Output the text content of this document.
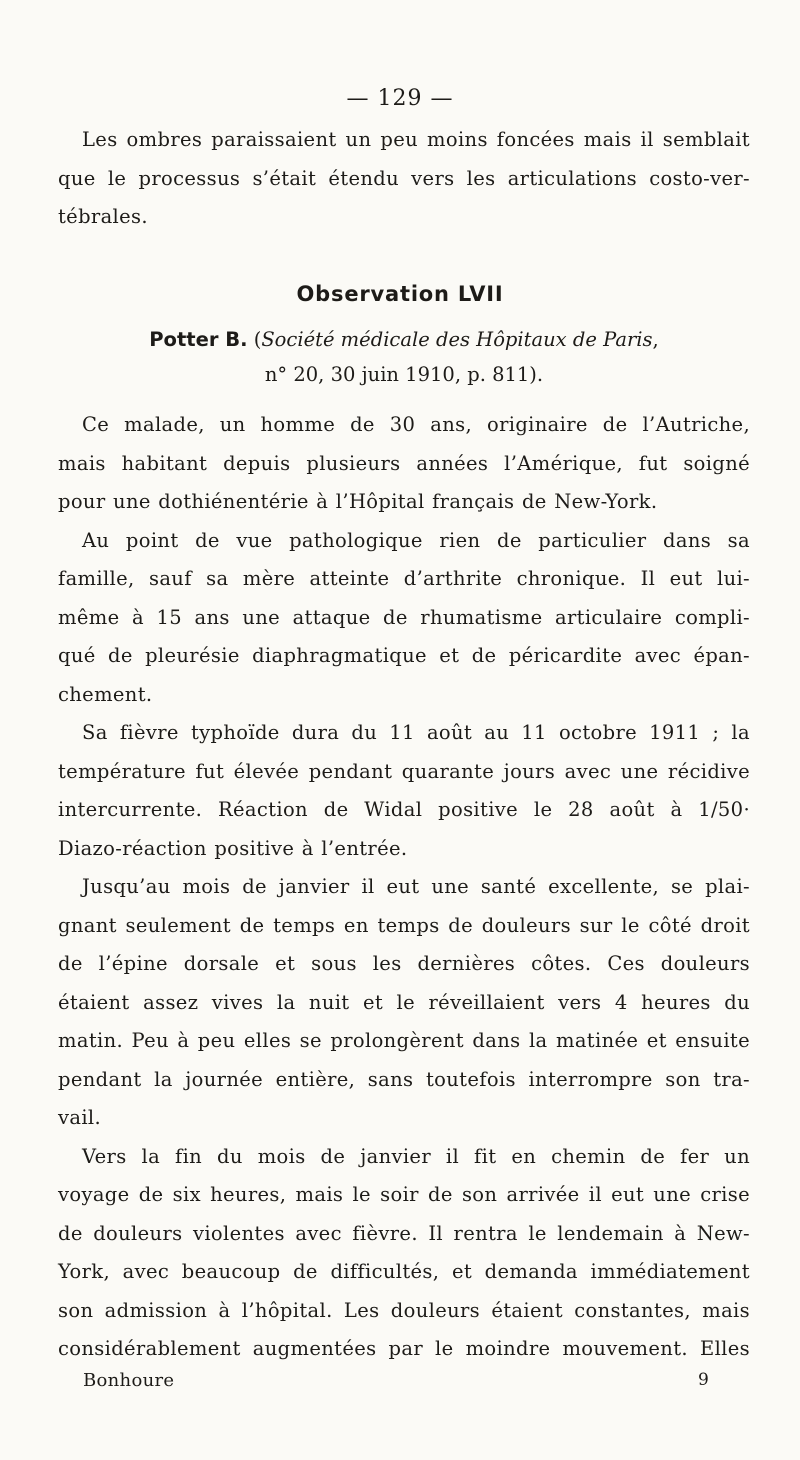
— 129 —
Les ombres paraissaient un peu moins foncées mais il semblait
que le processus s’était étendu vers les articulations costo-ver-
tébrales.
Observation LVII
Potter B. (Société médicale des Hôpitaux de Paris,
n° 20, 30 juin 1910, p. 811).
Ce malade, un homme de 30 ans, originaire de l’Autriche,
mais habitant depuis plusieurs années l’Amérique, fut soigné
pour une dothiénentérie à l’Hôpital français de New-York.
Au point de vue pathologique rien de particulier dans sa
famille, sauf sa mère atteinte d’arthrite chronique. Il eut lui-
même à 15 ans une attaque de rhumatisme articulaire compli-
qué de pleurésie diaphragmatique et de péricardite avec épan-
chement.
Sa fièvre typhoïde dura du 11 août au 11 octobre 1911 ; la
température fut élevée pendant quarante jours avec une récidive
intercurrente. Réaction de Widal positive le 28 août à 1/50·
Diazo-réaction positive à l’entrée.
Jusqu’au mois de janvier il eut une santé excellente, se plai-
gnant seulement de temps en temps de douleurs sur le côté droit
de l’épine dorsale et sous les dernières côtes. Ces douleurs
étaient assez vives la nuit et le réveillaient vers 4 heures du
matin. Peu à peu elles se prolongèrent dans la matinée et ensuite
pendant la journée entière, sans toutefois interrompre son tra-
vail.
Vers la fin du mois de janvier il fit en chemin de fer un
voyage de six heures, mais le soir de son arrivée il eut une crise
de douleurs violentes avec fièvre. Il rentra le lendemain à New-
York, avec beaucoup de difficultés, et demanda immédiatement
son admission à l’hôpital. Les douleurs étaient constantes, mais
considérablement augmentées par le moindre mouvement. Elles
Bonhoure	9
